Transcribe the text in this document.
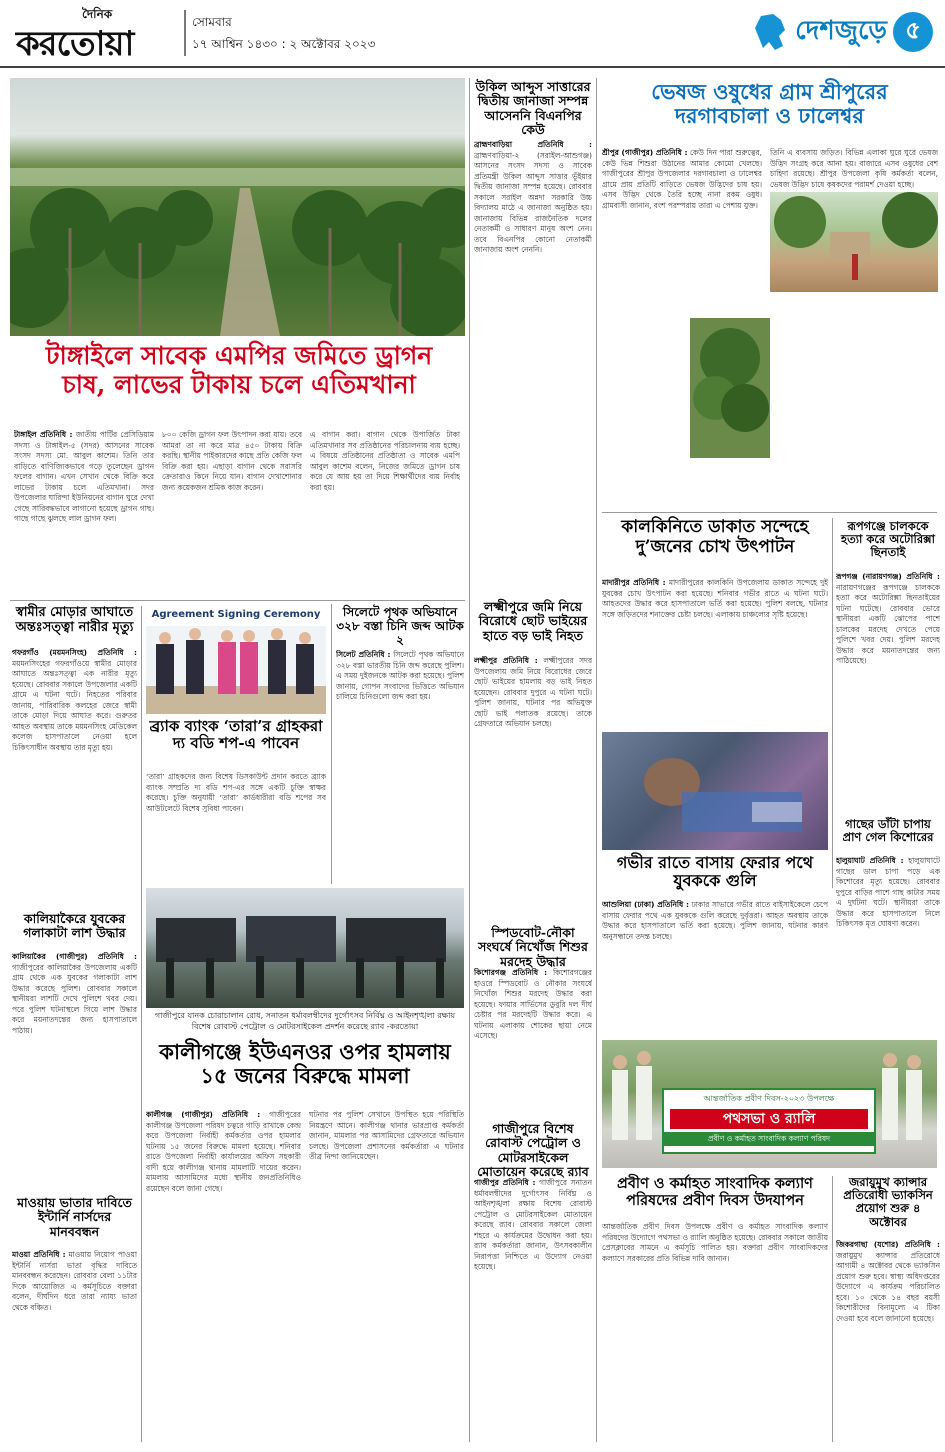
দৈনিক
করতোয়া
সোমবার
১৭ আশ্বিন ১৪৩০ : ২ অক্টোবর ২০২৩	দেশজুড়ে ৫
টাঙ্গাইলে সাবেক এমপির জমিতে ড্রাগন চাষ, লাভের টাকায় চলে এতিমখানা
টাঙ্গাইল প্রতিনিধি : জাতীয় পার্টির প্রেসিডিয়াম সদস্য ও টাঙ্গাইল-৫ (সদর) আসনের সাবেক সংসদ সদস্য মো. আবুল কাশেম। তিনি তার বাড়িতে বাণিজ্যিকভাবে গড়ে তুলেছেন ড্রাগন ফলের বাগান। এখন সেখান থেকে বিক্রি করে লাভের টাকায় চলে এতিমখানা। সদর উপজেলার ঘারিন্দা ইউনিয়নের বাগান ঘুরে দেখা গেছে সারিবদ্ধভাবে লাগানো হয়েছে ড্রাগন গাছ। গাছে গাছে ঝুলছে লাল ড্রাগন ফল।
৮০০ কেজি ড্রাগন ফল উৎপাদন করা যায়। তবে আমরা তা না করে মাত্র ৪৫০ টাকায় বিক্রি করছি। স্থানীয় পাইকারদের কাছে প্রতি কেজি ফল বিক্রি করা হয়। এছাড়া বাগান থেকে সরাসরি ক্রেতারাও কিনে নিয়ে যান। বাগান দেখাশোনার জন্য কয়েকজন শ্রমিক কাজ করেন।
এ বাগান করা। বাগান থেকে উপার্জিত টাকা এতিমখানার সব প্রতিষ্ঠানের পরিচালনায় ব্যয় হচ্ছে। এ বিষয়ে প্রতিষ্ঠানের প্রতিষ্ঠাতা ও সাবেক এমপি আবুল কাশেম বলেন, নিজের জমিতে ড্রাগন চাষ করে যে আয় হয় তা দিয়ে শিক্ষার্থীদের ব্যয় নির্বাহ করা হয়।
স্বামীর মোড়ার আঘাতে অন্তঃসত্ত্বা নারীর মৃত্যু
গফরগাঁও (ময়মনসিংহ) প্রতিনিধি : ময়মনসিংহের গফরগাঁওয়ে স্বামীর মোড়ার আঘাতে অন্তঃসত্ত্বা এক নারীর মৃত্যু হয়েছে। রোববার সকালে উপজেলার একটি গ্রামে এ ঘটনা ঘটে। নিহতের পরিবার জানায়, পারিবারিক কলহের জেরে স্বামী তাকে মোড়া দিয়ে আঘাত করে। গুরুতর আহত অবস্থায় তাকে ময়মনসিংহ মেডিকেল কলেজ হাসপাতালে নেওয়া হলে চিকিৎসাধীন অবস্থায় তার মৃত্যু হয়।
কালিয়াকৈরে যুবকের গলাকাটা লাশ উদ্ধার
কালিয়াকৈর (গাজীপুর) প্রতিনিধি : গাজীপুরের কালিয়াকৈর উপজেলায় একটি গ্রাম থেকে এক যুবকের গলাকাটা লাশ উদ্ধার করেছে পুলিশ। রোববার সকালে স্থানীয়রা লাশটি দেখে পুলিশে খবর দেয়। পরে পুলিশ ঘটনাস্থলে গিয়ে লাশ উদ্ধার করে ময়নাতদন্তের জন্য হাসপাতালে পাঠায়।
মাওয়ায় ভাতার দাবিতে ইন্টার্নি নার্সদের মানববন্ধন
মাওয়া প্রতিনিধি : মাওয়ায় নিয়োগ পাওয়া ইন্টার্নি নার্সরা ভাতা বৃদ্ধির দাবিতে মানববন্ধন করেছেন। রোববার বেলা ১১টার দিকে আয়োজিত এ কর্মসূচিতে বক্তারা বলেন, দীর্ঘদিন ধরে তারা ন্যায্য ভাতা থেকে বঞ্চিত।
Agreement Signing Ceremony
ব্র্যাক ব্যাংক ‘তারা’র গ্রাহকরা দ্য বডি শপ-এ পাবেন
‘তারা’ গ্রাহকদের জন্য বিশেষ ডিসকাউন্ট প্রদান করতে ব্র্যাক ব্যাংক সম্প্রতি দ্য বডি শপ-এর সঙ্গে একটি চুক্তি স্বাক্ষর করেছে। চুক্তি অনুযায়ী ‘তারা’ কার্ডধারীরা বডি শপের সব আউটলেটে বিশেষ সুবিধা পাবেন।
সিলেটে পৃথক অভিযানে ৩২৮ বস্তা চিনি জব্দ আটক ২
সিলেট প্রতিনিধি : সিলেটে পৃথক অভিযানে ৩২৮ বস্তা ভারতীয় চিনি জব্দ করেছে পুলিশ। এ সময় দুইজনকে আটক করা হয়েছে। পুলিশ জানায়, গোপন সংবাদের ভিত্তিতে অভিযান চালিয়ে চিনিগুলো জব্দ করা হয়।
গাজীপুরে যানক চোরাচালান রোধ, সনাতন ধর্মাবলম্বীদের দুর্গোৎসব নির্বিঘ্ন ও আইনশৃঙ্খলা রক্ষায় বিশেষ রোবাস্ট পেট্রোল ও মোটরসাইকেল প্রদর্শন করেছে র‌্যাব -করতোয়া
কালীগঞ্জে ইউএনওর ওপর হামলায় ১৫ জনের বিরুদ্ধে মামলা
কালীগঞ্জ (গাজীপুর) প্রতিনিধি : গাজীপুরের কালীগঞ্জ উপজেলা পরিষদ চত্বরে গাড়ি রাখাকে কেন্দ্র করে উপজেলা নির্বাহী কর্মকর্তার ওপর হামলার ঘটনায় ১৫ জনের বিরুদ্ধে মামলা হয়েছে। শনিবার রাতে উপজেলা নির্বাহী কার্যালয়ের অফিস সহকারী বাদী হয়ে কালীগঞ্জ থানায় মামলাটি দায়ের করেন। মামলায় আসামিদের মধ্যে স্থানীয় জনপ্রতিনিধিও রয়েছেন বলে জানা গেছে।
ঘটনার পর পুলিশ সেখানে উপস্থিত হয়ে পরিস্থিতি নিয়ন্ত্রণে আনে। কালীগঞ্জ থানার ভারপ্রাপ্ত কর্মকর্তা জানান, মামলার পর আসামিদের গ্রেফতারে অভিযান চলছে। উপজেলা প্রশাসনের কর্মকর্তারা এ ঘটনার তীব্র নিন্দা জানিয়েছেন।
উকিল আব্দুস সাত্তারের দ্বিতীয় জানাজা সম্পন্ন আসেননি বিএনপির কেউ
ব্রাহ্মণবাড়িয়া প্রতিনিধি : ব্রাহ্মণবাড়িয়া-২ (সরাইল-আশুগঞ্জ) আসনের সংসদ সদস্য ও সাবেক প্রতিমন্ত্রী উকিল আব্দুস সাত্তার ভূঁইয়ার দ্বিতীয় জানাজা সম্পন্ন হয়েছে। রোববার সকালে সরাইল অন্নদা সরকারি উচ্চ বিদ্যালয় মাঠে এ জানাজা অনুষ্ঠিত হয়। জানাজায় বিভিন্ন রাজনৈতিক দলের নেতাকর্মী ও সাধারণ মানুষ অংশ নেন। তবে বিএনপির কোনো নেতাকর্মী জানাজায় অংশ নেননি।
লক্ষ্মীপুরে জমি নিয়ে বিরোধে ছোট ভাইয়ের হাতে বড় ভাই নিহত
লক্ষ্মীপুর প্রতিনিধি : লক্ষ্মীপুরের সদর উপজেলায় জমি নিয়ে বিরোধের জেরে ছোট ভাইয়ের হামলায় বড় ভাই নিহত হয়েছেন। রোববার দুপুরে এ ঘটনা ঘটে। পুলিশ জানায়, ঘটনার পর অভিযুক্ত ছোট ভাই পলাতক রয়েছে। তাকে গ্রেফতারে অভিযান চলছে।
স্পিডবোট-নৌকা সংঘর্ষে নিখোঁজ শিশুর মরদেহ উদ্ধার
কিশোরগঞ্জ প্রতিনিধি : কিশোরগঞ্জের হাওরে স্পিডবোট ও নৌকার সংঘর্ষে নিখোঁজ শিশুর মরদেহ উদ্ধার করা হয়েছে। ফায়ার সার্ভিসের ডুবুরি দল দীর্ঘ চেষ্টার পর মরদেহটি উদ্ধার করে। এ ঘটনায় এলাকায় শোকের ছায়া নেমে এসেছে।
গাজীপুরে বিশেষ রোবাস্ট পেট্রোল ও মোটরসাইকেল মোতায়েন করেছে র‌্যাব
গাজীপুর প্রতিনিধি : গাজীপুরে সনাতন ধর্মাবলম্বীদের দুর্গোৎসব নির্বিঘ্ন ও আইনশৃঙ্খলা রক্ষায় বিশেষ রোবাস্ট পেট্রোল ও মোটরসাইকেল মোতায়েন করেছে র‌্যাব। রোববার সকালে জেলা শহরে এ কার্যক্রমের উদ্বোধন করা হয়। র‌্যাব কর্মকর্তারা জানান, উৎসবকালীন নিরাপত্তা নিশ্চিতে এ উদ্যোগ নেওয়া হয়েছে।
ভেষজ ওষুধের গ্রাম শ্রীপুরের দরগাবচালা ও ঢালেশ্বর
শ্রীপুর (গাজীপুর) প্রতিনিধি : কেউ দিন পারা শুরুত্বের, কেউ ভিন্ন শিশুরা উঠানের আমার কোমো খেলছে। গাজীপুরের শ্রীপুর উপজেলার দরগাবচালা ও ঢালেশ্বর গ্রামে প্রায় প্রতিটি বাড়িতে ভেষজ উদ্ভিদের চাষ হয়। এসব উদ্ভিদ থেকে তৈরি হচ্ছে নানা রকম ওষুধ। গ্রামবাসী জানান, বংশ পরম্পরায় তারা এ পেশায় যুক্ত।
তিনি এ ব্যবসায় জড়িত। বিভিন্ন এলাকা ঘুরে ঘুরে ভেষজ উদ্ভিদ সংগ্রহ করে আনা হয়। বাজারে এসব ওষুধের বেশ চাহিদা রয়েছে। শ্রীপুর উপজেলা কৃষি কর্মকর্তা বলেন, ভেষজ উদ্ভিদ চাষে কৃষকদের পরামর্শ দেওয়া হচ্ছে।
কালকিনিতে ডাকাত সন্দেহে দু’জনের চোখ উৎপাটন
মাদারীপুর প্রতিনিধি : মাদারীপুরের কালকিনি উপজেলায় ডাকাত সন্দেহে দুই যুবকের চোখ উৎপাটন করা হয়েছে। শনিবার গভীর রাতে এ ঘটনা ঘটে। আহতদের উদ্ধার করে হাসপাতালে ভর্তি করা হয়েছে। পুলিশ বলছে, ঘটনার সঙ্গে জড়িতদের শনাক্তের চেষ্টা চলছে। এলাকায় চাঞ্চল্যের সৃষ্টি হয়েছে।
রূপগঞ্জে চালককে হত্যা করে অটোরিক্সা ছিনতাই
রূপগঞ্জ (নারায়ণগঞ্জ) প্রতিনিধি : নারায়ণগঞ্জের রূপগঞ্জে চালককে হত্যা করে অটোরিক্সা ছিনতাইয়ের ঘটনা ঘটেছে। রোববার ভোরে স্থানীয়রা একটি ঝোপের পাশে চালকের মরদেহ দেখতে পেয়ে পুলিশে খবর দেয়। পুলিশ মরদেহ উদ্ধার করে ময়নাতদন্তের জন্য পাঠিয়েছে।
গভীর রাতে বাসায় ফেরার পথে যুবককে গুলি
আশুলিয়া (ঢাকা) প্রতিনিধি : ঢাকার সাভারে গভীর রাতে বাইসাইকেলে চেপে বাসায় ফেরার পথে এক যুবককে গুলি করেছে দুর্বৃত্তরা। আহত অবস্থায় তাকে উদ্ধার করে হাসপাতালে ভর্তি করা হয়েছে। পুলিশ জানায়, ঘটনার কারণ অনুসন্ধানে তদন্ত চলছে।
গাছের ডাঁটা চাপায় প্রাণ গেল কিশোরের
হালুয়াঘাট প্রতিনিধি : হালুয়াঘাটে গাছের ডাল চাপা পড়ে এক কিশোরের মৃত্যু হয়েছে। রোববার দুপুরে বাড়ির পাশে গাছ কাটার সময় এ দুর্ঘটনা ঘটে। স্থানীয়রা তাকে উদ্ধার করে হাসপাতালে নিলে চিকিৎসক মৃত ঘোষণা করেন।
আন্তর্জাতিক প্রবীণ দিবস-২০২৩ উপলক্ষে
পথসভা ও র‍্যালি
প্রবীণ ও কর্মাহত সাংবাদিক কল্যাণ পরিষদ
প্রবীণ ও কর্মাহত সাংবাদিক কল্যাণ পরিষদের প্রবীণ দিবস উদযাপন
আন্তর্জাতিক প্রবীণ দিবস উপলক্ষে প্রবীণ ও কর্মাহত সাংবাদিক কল্যাণ পরিষদের উদ্যোগে পথসভা ও র‍্যালি অনুষ্ঠিত হয়েছে। রোববার সকালে জাতীয় প্রেসক্লাবের সামনে এ কর্মসূচি পালিত হয়। বক্তারা প্রবীণ সাংবাদিকদের কল্যাণে সরকারের প্রতি বিভিন্ন দাবি জানান।
জরায়ুমুখ ক্যান্সার প্রতিরোধী ভ্যাকসিন প্রয়োগ শুরু ৪ অক্টোবর
জিকরগাছা (যশোর) প্রতিনিধি : জরায়ুমুখ ক্যান্সার প্রতিরোধে আগামী ৪ অক্টোবর থেকে ভ্যাকসিন প্রয়োগ শুরু হবে। স্বাস্থ্য অধিদপ্তরের উদ্যোগে এ কার্যক্রম পরিচালিত হবে। ১০ থেকে ১৪ বছর বয়সী কিশোরীদের বিনামূল্যে এ টিকা দেওয়া হবে বলে জানানো হয়েছে।
